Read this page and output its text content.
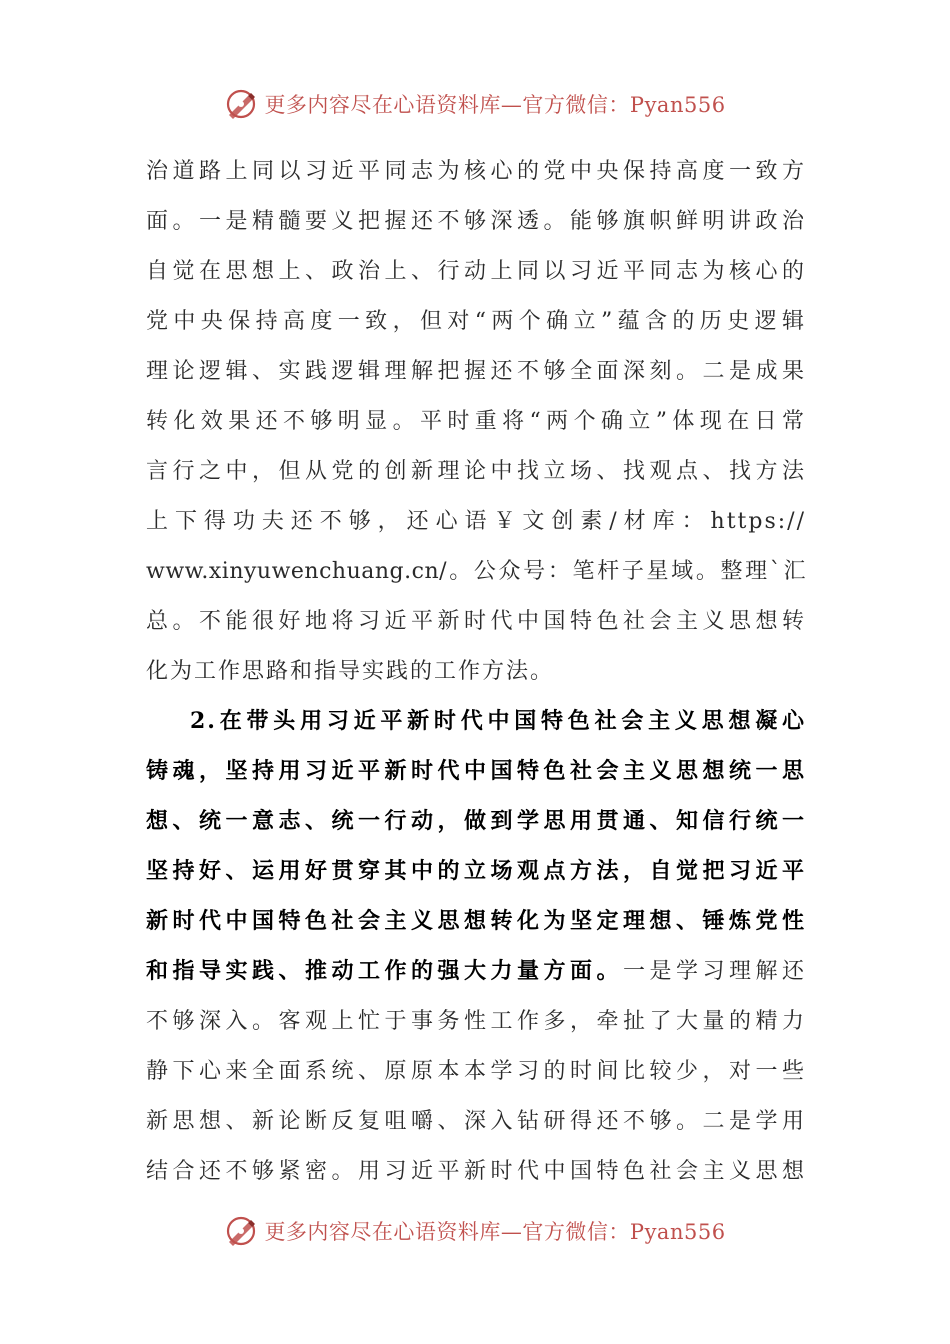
更多内容尽在心语资料库—官方微信：Pyan556
治道路上同以习近平同志为核心的党中央保持高度一致方
面。一是精髓要义把握还不够深透。能够旗帜鲜明讲政治
自觉在思想上、政治上、行动上同以习近平同志为核心的
党中央保持高度一致，但对“两个确立”蕴含的历史逻辑
理论逻辑、实践逻辑理解把握还不够全面深刻。二是成果
转化效果还不够明显。平时重将“两个确立”体现在日常
言行之中，但从党的创新理论中找立场、找观点、找方法
上下得功夫还不够，还心语￥文创素/材库：https://
www.xinyuwenchuang.cn/。公众号：笔杆子星域。整理`汇
总。不能很好地将习近平新时代中国特色社会主义思想转
化为工作思路和指导实践的工作方法。
2.在带头用习近平新时代中国特色社会主义思想凝心
铸魂，坚持用习近平新时代中国特色社会主义思想统一思
想、统一意志、统一行动，做到学思用贯通、知信行统一
坚持好、运用好贯穿其中的立场观点方法，自觉把习近平
新时代中国特色社会主义思想转化为坚定理想、锤炼党性
和指导实践、推动工作的强大力量方面。一是学习理解还
不够深入。客观上忙于事务性工作多，牵扯了大量的精力
静下心来全面系统、原原本本学习的时间比较少，对一些
新思想、新论断反复咀嚼、深入钻研得还不够。二是学用
结合还不够紧密。用习近平新时代中国特色社会主义思想
更多内容尽在心语资料库—官方微信：Pyan556
